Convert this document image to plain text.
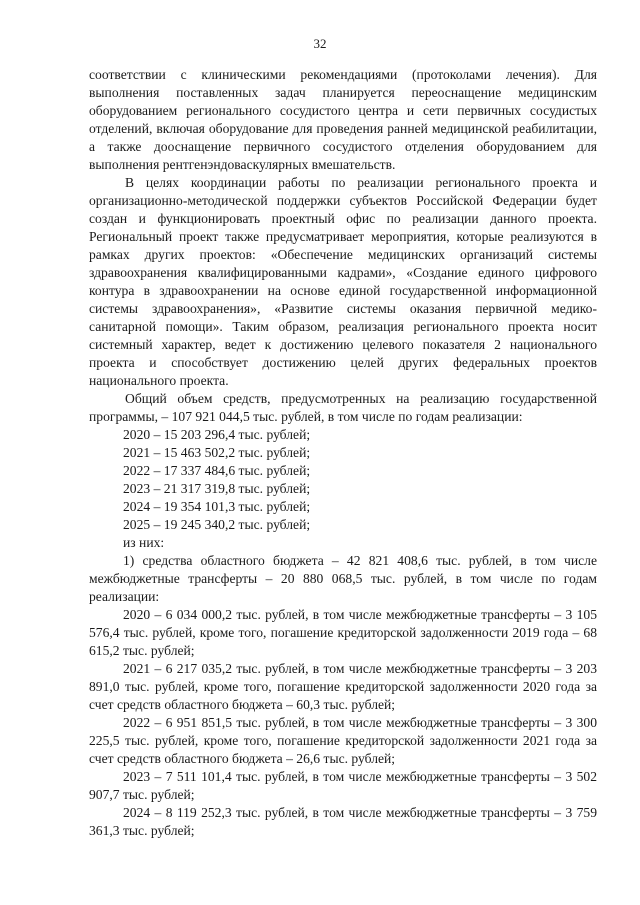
32

соответствии с клиническими рекомендациями (протоколами лечения). Для выполнения поставленных задач планируется переоснащение медицинским оборудованием регионального сосудистого центра и сети первичных сосудистых отделений, включая оборудование для проведения ранней медицинской реабилитации, а также дооснащение первичного сосудистого отделения оборудованием для выполнения рентгенэндоваскулярных вмешательств.

В целях координации работы по реализации регионального проекта и организационно-методической поддержки субъектов Российской Федерации будет создан и функционировать проектный офис по реализации данного проекта. Региональный проект также предусматривает мероприятия, которые реализуются в рамках других проектов: «Обеспечение медицинских организаций системы здравоохранения квалифицированными кадрами», «Создание единого цифрового контура в здравоохранении на основе единой государственной информационной системы здравоохранения», «Развитие системы оказания первичной медико-санитарной помощи». Таким образом, реализация регионального проекта носит системный характер, ведет к достижению целевого показателя 2 национального проекта и способствует достижению целей других федеральных проектов национального проекта.

Общий объем средств, предусмотренных на реализацию государственной программы, – 107 921 044,5 тыс. рублей, в том числе по годам реализации:

2020 – 15 203 296,4 тыс. рублей;

2021 – 15 463 502,2 тыс. рублей;

2022 – 17 337 484,6 тыс. рублей;

2023 – 21 317 319,8 тыс. рублей;

2024 – 19 354 101,3 тыс. рублей;

2025 – 19 245 340,2 тыс. рублей;

из них:

1) средства областного бюджета – 42 821 408,6 тыс. рублей, в том числе межбюджетные трансферты – 20 880 068,5 тыс. рублей, в том числе по годам реализации:

2020 – 6 034 000,2 тыс. рублей, в том числе межбюджетные трансферты – 3 105 576,4 тыс. рублей, кроме того, погашение кредиторской задолженности 2019 года – 68 615,2 тыс. рублей;

2021 – 6 217 035,2 тыс. рублей, в том числе межбюджетные трансферты – 3 203 891,0 тыс. рублей, кроме того, погашение кредиторской задолженности 2020 года за счет средств областного бюджета – 60,3 тыс. рублей;

2022 – 6 951 851,5 тыс. рублей, в том числе межбюджетные трансферты – 3 300 225,5 тыс. рублей, кроме того, погашение кредиторской задолженности 2021 года за счет средств областного бюджета – 26,6 тыс. рублей;

2023 – 7 511 101,4 тыс. рублей, в том числе межбюджетные трансферты – 3 502 907,7 тыс. рублей;

2024 – 8 119 252,3 тыс. рублей, в том числе межбюджетные трансферты – 3 759 361,3 тыс. рублей;
